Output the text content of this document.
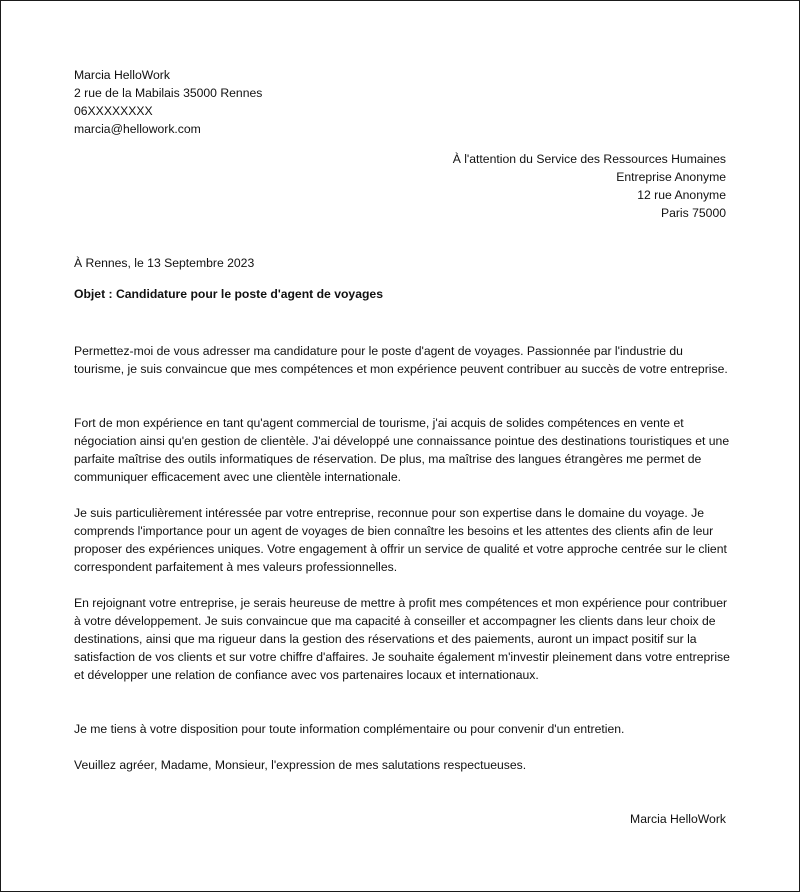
Marcia HelloWork

2 rue de la Mabilais 35000 Rennes

06XXXXXXXX

marcia@hellowork.com

À l'attention du Service des Ressources Humaines

Entreprise Anonyme

12 rue Anonyme

Paris 75000

À Rennes, le 13 Septembre 2023

Objet : Candidature pour le poste d'agent de voyages

Permettez-moi de vous adresser ma candidature pour le poste d'agent de voyages. Passionnée par l'industrie du tourisme, je suis convaincue que mes compétences et mon expérience peuvent contribuer au succès de votre entreprise.

Fort de mon expérience en tant qu'agent commercial de tourisme, j'ai acquis de solides compétences en vente et négociation ainsi qu'en gestion de clientèle. J'ai développé une connaissance pointue des destinations touristiques et une parfaite maîtrise des outils informatiques de réservation. De plus, ma maîtrise des langues étrangères me permet de communiquer efficacement avec une clientèle internationale.

Je suis particulièrement intéressée par votre entreprise, reconnue pour son expertise dans le domaine du voyage. Je comprends l'importance pour un agent de voyages de bien connaître les besoins et les attentes des clients afin de leur proposer des expériences uniques. Votre engagement à offrir un service de qualité et votre approche centrée sur le client correspondent parfaitement à mes valeurs professionnelles.

En rejoignant votre entreprise, je serais heureuse de mettre à profit mes compétences et mon expérience pour contribuer à votre développement. Je suis convaincue que ma capacité à conseiller et accompagner les clients dans leur choix de destinations, ainsi que ma rigueur dans la gestion des réservations et des paiements, auront un impact positif sur la satisfaction de vos clients et sur votre chiffre d'affaires. Je souhaite également m'investir pleinement dans votre entreprise et développer une relation de confiance avec vos partenaires locaux et internationaux.

Je me tiens à votre disposition pour toute information complémentaire ou pour convenir d'un entretien.

Veuillez agréer, Madame, Monsieur, l'expression de mes salutations respectueuses.

Marcia HelloWork
